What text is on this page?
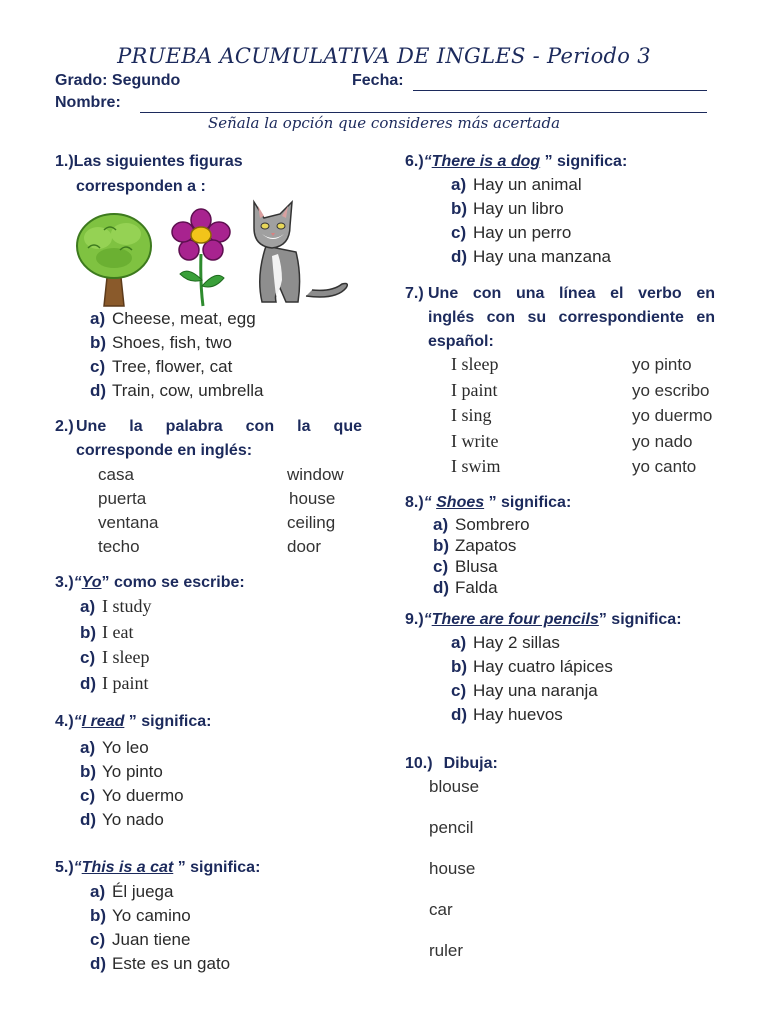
PRUEBA ACUMULATIVA DE INGLES - Periodo 3
Grado: Segundo	Fecha:
Nombre:
Señala la opción que consideres más acertada
1.)Las siguientes figuras
corresponden a :
a) Cheese, meat, egg
b) Shoes, fish, two
c) Tree, flower, cat
d) Train, cow, umbrella
2.) Une la palabra con la que
corresponde en inglés:
casa
puerta
ventana
techo
window
house
ceiling
door
3.)“Yo” como se escribe:
a) I study
b) I eat
c) I sleep
d) I paint
4.)“I read ” significa:
a) Yo leo
b) Yo pinto
c) Yo duermo
d) Yo nado
5.)“This is a cat ” significa:
a) Él juega
b) Yo camino
c) Juan tiene
d) Este es un gato
6.)“There is a dog ” significa:
a) Hay un animal
b) Hay un libro
c) Hay un perro
d) Hay una manzana
7.) Une con una línea el verbo en
inglés con su correspondiente en
español:
I sleep
I paint
I sing
I write
I swim
yo pinto
yo escribo
yo duermo
yo nado
yo canto
8.)“ Shoes ” significa:
a) Sombrero
b) Zapatos
c) Blusa
d) Falda
9.)“There are four pencils” significa:
a) Hay 2 sillas
b) Hay cuatro lápices
c) Hay una naranja
d) Hay huevos
10.) Dibuja:
blouse
pencil
house
car
ruler
